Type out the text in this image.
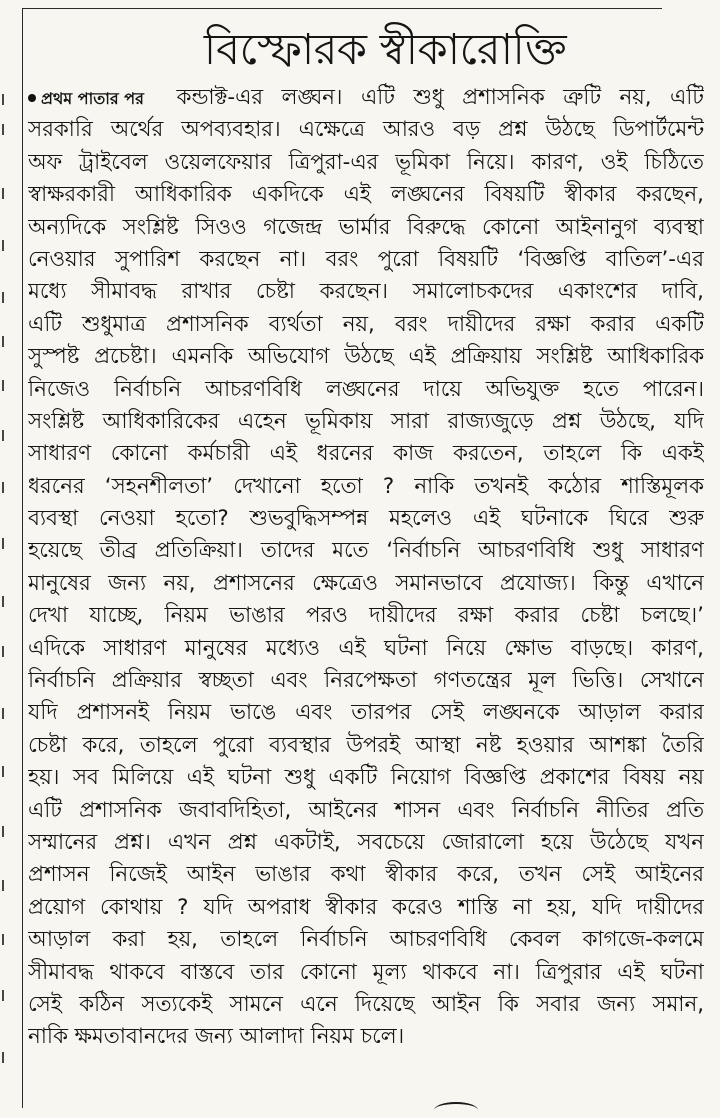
বিস্ফোরক স্বীকারোক্তি
প্রথম পাতার পর কন্ডাক্ট-এর লঙ্ঘন। এটি শুধু প্রশাসনিক ত্রুটি নয়, এটি
সরকারি অর্থের অপব্যবহার। এক্ষেত্রে আরও বড় প্রশ্ন উঠছে ডিপার্টমেন্ট
অফ ট্রাইবেল ওয়েলফেয়ার ত্রিপুরা-এর ভূমিকা নিয়ে। কারণ, ওই চিঠিতে
স্বাক্ষরকারী আধিকারিক একদিকে এই লঙ্ঘনের বিষয়টি স্বীকার করছেন,
অন্যদিকে সংশ্লিষ্ট সিওও গজেন্দ্র ভার্মার বিরুদ্ধে কোনো আইনানুগ ব্যবস্থা
নেওয়ার সুপারিশ করছেন না। বরং পুরো বিষয়টি ‘বিজ্ঞপ্তি বাতিল’-এর
মধ্যে সীমাবদ্ধ রাখার চেষ্টা করছেন। সমালোচকদের একাংশের দাবি,
এটি শুধুমাত্র প্রশাসনিক ব্যর্থতা নয়, বরং দায়ীদের রক্ষা করার একটি
সুস্পষ্ট প্রচেষ্টা। এমনকি অভিযোগ উঠছে এই প্রক্রিয়ায় সংশ্লিষ্ট আধিকারিক
নিজেও নির্বাচনি আচরণবিধি লঙ্ঘনের দায়ে অভিযুক্ত হতে পারেন।
সংশ্লিষ্ট আধিকারিকের এহেন ভূমিকায় সারা রাজ্যজুড়ে প্রশ্ন উঠছে, যদি
সাধারণ কোনো কর্মচারী এই ধরনের কাজ করতেন, তাহলে কি একই
ধরনের ‘সহনশীলতা’ দেখানো হতো ? নাকি তখনই কঠোর শাস্তিমূলক
ব্যবস্থা নেওয়া হতো? শুভবুদ্ধিসম্পন্ন মহলেও এই ঘটনাকে ঘিরে শুরু
হয়েছে তীব্র প্রতিক্রিয়া। তাদের মতে ‘নির্বাচনি আচরণবিধি শুধু সাধারণ
মানুষের জন্য নয়, প্রশাসনের ক্ষেত্রেও সমানভাবে প্রযোজ্য। কিন্তু এখানে
দেখা যাচ্ছে, নিয়ম ভাঙার পরও দায়ীদের রক্ষা করার চেষ্টা চলছে।’
এদিকে সাধারণ মানুষের মধ্যেও এই ঘটনা নিয়ে ক্ষোভ বাড়ছে। কারণ,
নির্বাচনি প্রক্রিয়ার স্বচ্ছতা এবং নিরপেক্ষতা গণতন্ত্রের মূল ভিত্তি। সেখানে
যদি প্রশাসনই নিয়ম ভাঙে এবং তারপর সেই লঙ্ঘনকে আড়াল করার
চেষ্টা করে, তাহলে পুরো ব্যবস্থার উপরই আস্থা নষ্ট হওয়ার আশঙ্কা তৈরি
হয়। সব মিলিয়ে এই ঘটনা শুধু একটি নিয়োগ বিজ্ঞপ্তি প্রকাশের বিষয় নয়
এটি প্রশাসনিক জবাবদিহিতা, আইনের শাসন এবং নির্বাচনি নীতির প্রতি
সম্মানের প্রশ্ন। এখন প্রশ্ন একটাই, সবচেয়ে জোরালো হয়ে উঠেছে যখন
প্রশাসন নিজেই আইন ভাঙার কথা স্বীকার করে, তখন সেই আইনের
প্রয়োগ কোথায় ? যদি অপরাধ স্বীকার করেও শাস্তি না হয়, যদি দায়ীদের
আড়াল করা হয়, তাহলে নির্বাচনি আচরণবিধি কেবল কাগজে-কলমে
সীমাবদ্ধ থাকবে বাস্তবে তার কোনো মূল্য থাকবে না। ত্রিপুরার এই ঘটনা
সেই কঠিন সত্যকেই সামনে এনে দিয়েছে আইন কি সবার জন্য সমান,
নাকি ক্ষমতাবানদের জন্য আলাদা নিয়ম চলে।
